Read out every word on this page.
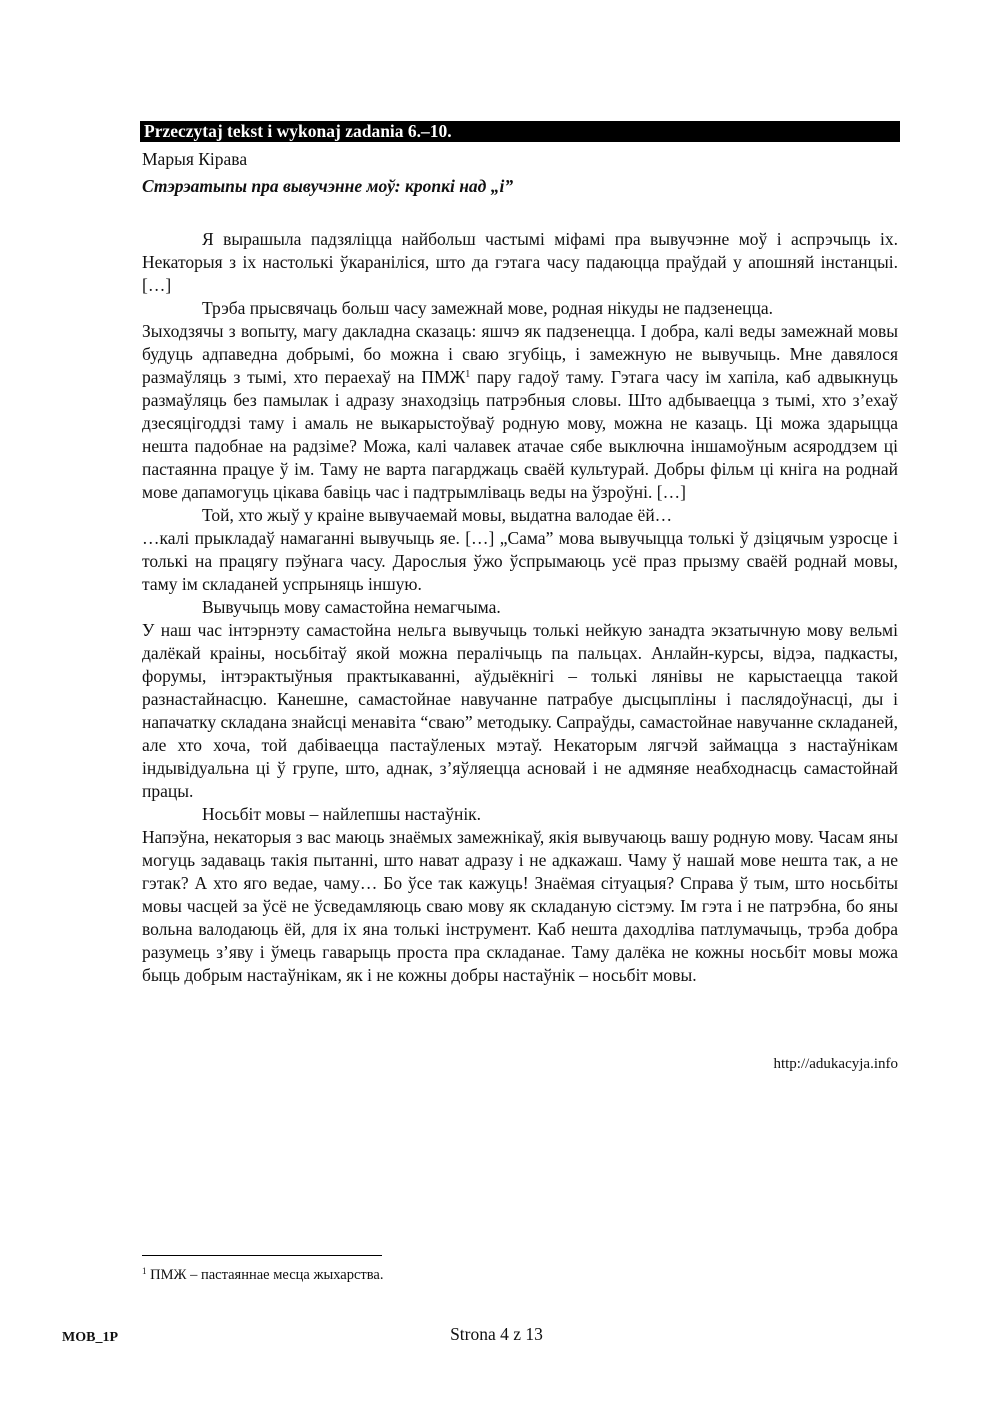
Przeczytaj tekst i wykonaj zadania 6.–10.
Марыя Кірава
Стэрэатыпы пра вывучэнне моў: кропкі над „і”

Я вырашыла падзяліцца найбольш частымі міфамі пра вывучэнне моў і аспрэчыць іх. Некаторыя з іх настолькі ўкараніліся, што да гэтага часу падаюцца праўдай у апошняй інстанцыі. […]

Трэба прысвячаць больш часу замежнай мове, родная нікуды не падзенецца.

Зыходзячы з вопыту, магу дакладна сказаць: яшчэ як падзенецца. І добра, калі веды замежнай мовы будуць адпаведна добрымі, бо можна і сваю згубіць, і замежную не вывучыць. Мне давялося размаўляць з тымі, хто пераехаў на ПМЖ$^1$ пару гадоў таму. Гэтага часу ім хапіла, каб адвыкнуць размаўляць без памылак і адразу знаходзіць патрэбныя словы. Што адбываецца з тымі, хто з’ехаў дзесяцігоддзі таму і амаль не выкарыстоўваў родную мову, можна не казаць. Ці можа здарыцца нешта падобнае на радзіме? Можа, калі чалавек атачае сябе выключна іншамоўным асяроддзем ці пастаянна працуе ў ім. Таму не варта пагарджаць сваёй культурай. Добры фільм ці кніга на роднай мове дапамогуць цікава бавіць час і падтрымліваць веды на ўзроўні. […]

Той, хто жыў у краіне вывучаемай мовы, выдатна валодае ёй…

…калі прыкладаў намаганні вывучыць яе. […] „Сама” мова вывучыцца толькі ў дзіцячым узросце і толькі на працягу пэўнага часу. Дарослыя ўжо ўспрымаюць усё праз прызму сваёй роднай мовы, таму ім складаней успрыняць іншую.

Вывучыць мову самастойна немагчыма.

У наш час інтэрнэту самастойна нельга вывучыць толькі нейкую занадта экзатычную мову вельмі далёкай краіны, носьбітаў якой можна пералічыць па пальцах. Анлайн-курсы, відэа, падкасты, форумы, інтэрактыўныя практыкаванні, аўдыёкнігі – толькі лянівы не карыстаецца такой разнастайнасцю. Канешне, самастойнае навучанне патрабуе дысцыпліны і паслядоўнасці, ды і напачатку складана знайсці менавіта “сваю” методыку. Сапраўды, самастойнае навучанне складаней, але хто хоча, той дабіваецца пастаўленых мэтаў. Некаторым лягчэй займацца з настаўнікам індывідуальна ці ў групе, што, аднак, з’яўляецца асновай і не адмяняе неабходнасць самастойнай працы.

Носьбіт мовы – найлепшы настаўнік.

Напэўна, некаторыя з вас маюць знаёмых замежнікаў, якія вывучаюць вашу родную мову. Часам яны могуць задаваць такія пытанні, што нават адразу і не адкажаш. Чаму ў нашай мове нешта так, а не гэтак? А хто яго ведае, чаму… Бо ўсе так кажуць! Знаёмая сітуацыя? Справа ў тым, што носьбіты мовы часцей за ўсё не ўсведамляюць сваю мову як складаную сістэму. Ім гэта і не патрэбна, бо яны вольна валодаюць ёй, для іх яна толькі інструмент. Каб нешта даходліва патлумачыць, трэба добра разумець з’яву і ўмець гаварыць проста пра складанае. Таму далёка не кожны носьбіт мовы можа быць добрым настаўнікам, як і не кожны добры настаўнік – носьбіт мовы.

http://adukacyja.info
$^1$ ПМЖ – пастаяннае месца жыхарства.
MOB_1P	Strona 4 z 13
